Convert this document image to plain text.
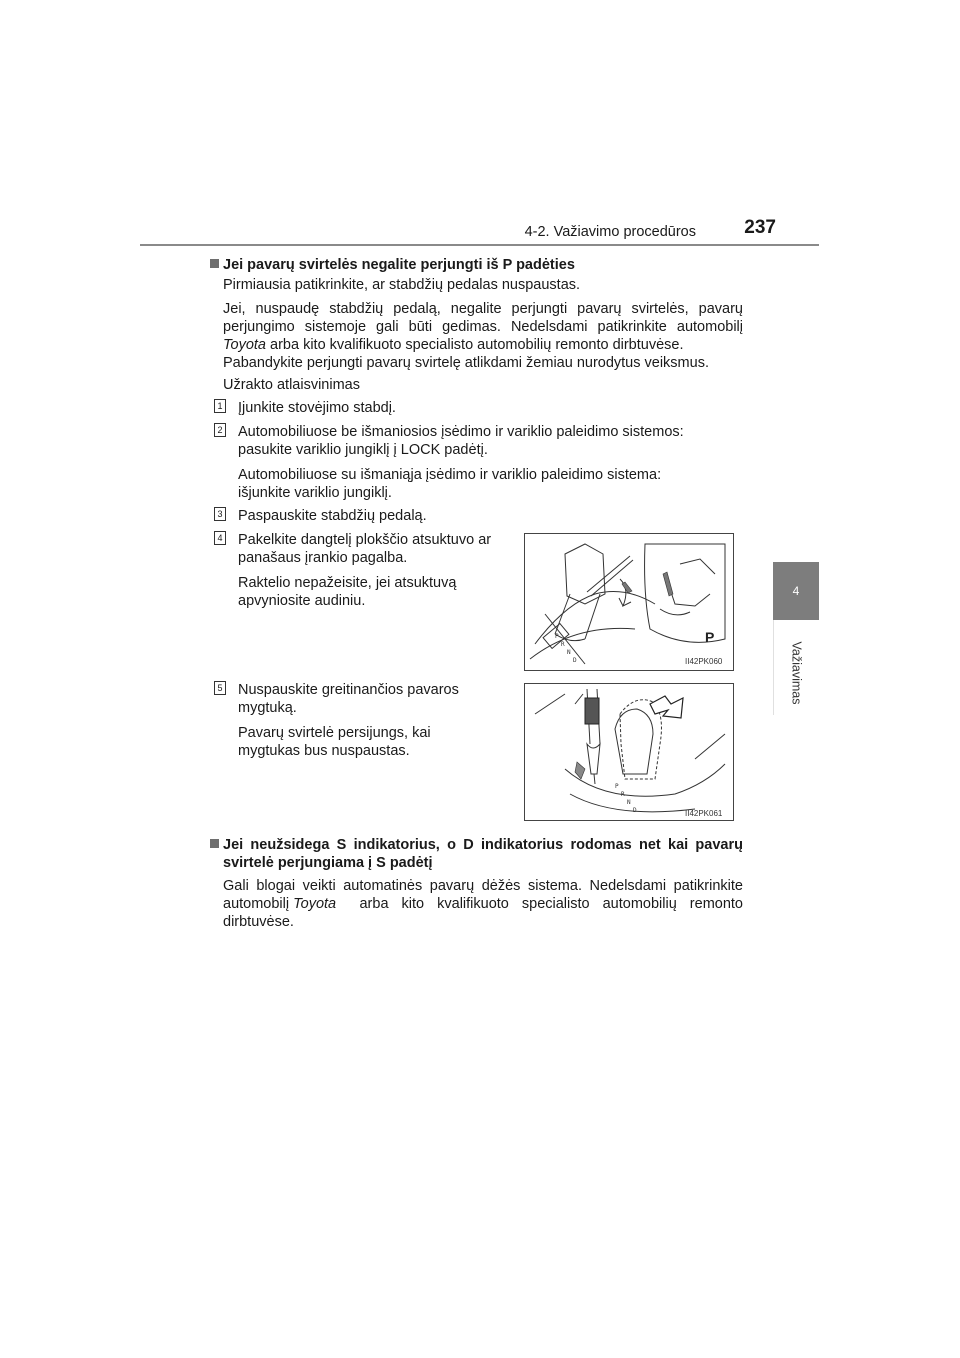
4-2. Važiavimo procedūros	237
4
Važiavimas
Jei pavarų svirtelės negalite perjungti iš P padėties
Pirmiausia patikrinkite, ar stabdžių pedalas nuspaustas.
Jei, nuspaudę stabdžių pedalą, negalite perjungti pavarų svirtelės, pavarų
perjungimo sistemoje gali būti gedimas. Nedelsdami patikrinkite automobilį
Toyota arba kito kvalifikuoto specialisto automobilių remonto dirbtuvėse.
Pabandykite perjungti pavarų svirtelę atlikdami žemiau nurodytus veiksmus.
Užrakto atlaisvinimas
1 Įjunkite stovėjimo stabdį.
2 Automobiliuose be išmaniosios įsėdimo ir variklio paleidimo sistemos:
pasukite variklio jungiklį į LOCK padėtį.
Automobiliuose su išmaniąja įsėdimo ir variklio paleidimo sistema:
išjunkite variklio jungiklį.
3 Paspauskite stabdžių pedalą.
4 Pakelkite dangtelį plokščio atsuktuvo ar
panašaus įrankio pagalba.
Raktelio nepažeisite, jei atsuktuvą
apvyniosite audiniu.
P
R
N
D
P
II42PK060
5 Nuspauskite greitinančios pavaros
mygtuką.
Pavarų svirtelė persijungs, kai
mygtukas bus nuspaustas.
P
R
N
D	II42PK061
Jei neužsidega S indikatorius, o D indikatorius rodomas net kai pavarų
svirtelė perjungiama į S padėtį
Gali blogai veikti automatinės pavarų dėžės sistema. Nedelsdami patikrinkite
automobilį Toyota arba kito kvalifikuoto specialisto automobilių remonto
dirbtuvėse.
